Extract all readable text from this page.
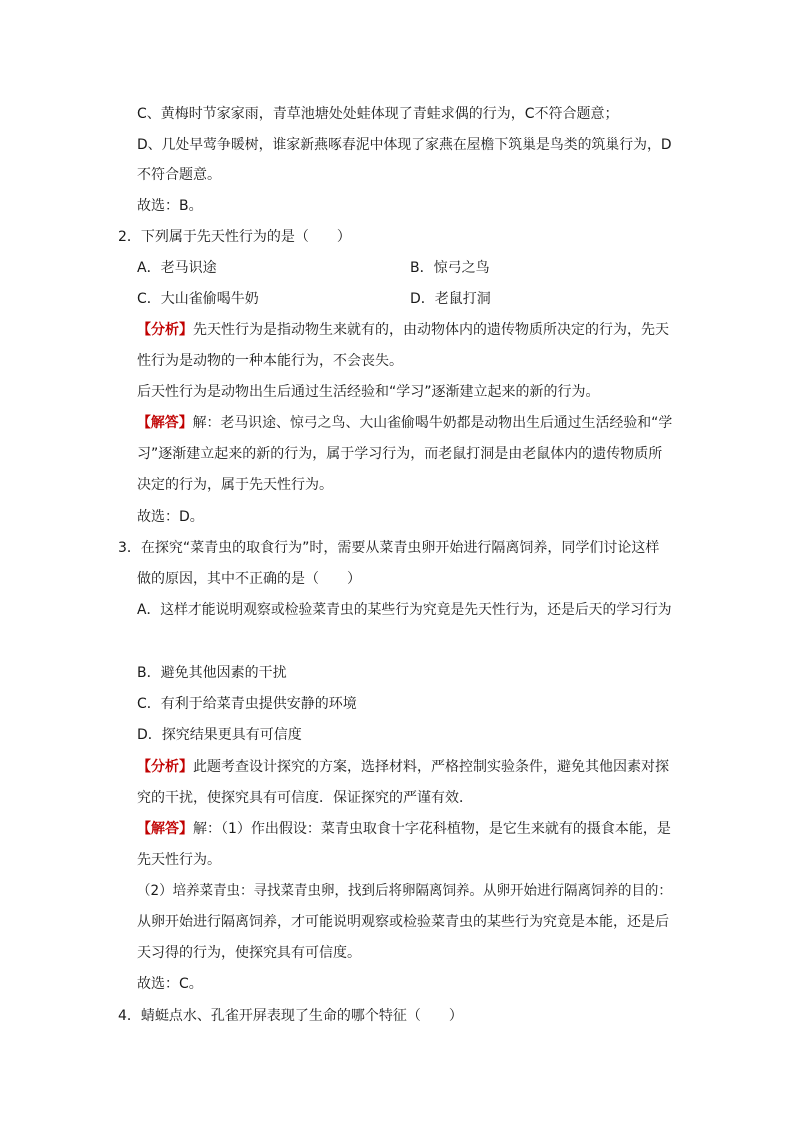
C、黄梅时节家家雨，青草池塘处处蛙体现了青蛙求偶的行为，C不符合题意；
D、几处早莺争暖树，谁家新燕啄春泥中体现了家燕在屋檐下筑巢是鸟类的筑巢行为，D
不符合题意。
故选：B。
2．下列属于先天性行为的是（　　）
A．老马识途	B．惊弓之鸟
C．大山雀偷喝牛奶	D．老鼠打洞
【分析】先天性行为是指动物生来就有的，由动物体内的遗传物质所决定的行为，先天
性行为是动物的一种本能行为，不会丧失。
后天性行为是动物出生后通过生活经验和“学习”逐渐建立起来的新的行为。
【解答】解：老马识途、惊弓之鸟、大山雀偷喝牛奶都是动物出生后通过生活经验和“学
习”逐渐建立起来的新的行为，属于学习行为，而老鼠打洞是由老鼠体内的遗传物质所
决定的行为，属于先天性行为。
故选：D。
3．在探究“菜青虫的取食行为”时，需要从菜青虫卵开始进行隔离饲养，同学们讨论这样
做的原因，其中不正确的是（　　）
A．这样才能说明观察或检验菜青虫的某些行为究竟是先天性行为，还是后天的学习行为
B．避免其他因素的干扰
C．有利于给菜青虫提供安静的环境
D．探究结果更具有可信度
【分析】此题考查设计探究的方案，选择材料，严格控制实验条件，避免其他因素对探
究的干扰，使探究具有可信度．保证探究的严谨有效．
【解答】解：（1）作出假设：菜青虫取食十字花科植物，是它生来就有的摄食本能，是
先天性行为。
（2）培养菜青虫：寻找菜青虫卵，找到后将卵隔离饲养。从卵开始进行隔离饲养的目的：
从卵开始进行隔离饲养，才可能说明观察或检验菜青虫的某些行为究竟是本能，还是后
天习得的行为，使探究具有可信度。
故选：C。
4．蜻蜓点水、孔雀开屏表现了生命的哪个特征（　　）
